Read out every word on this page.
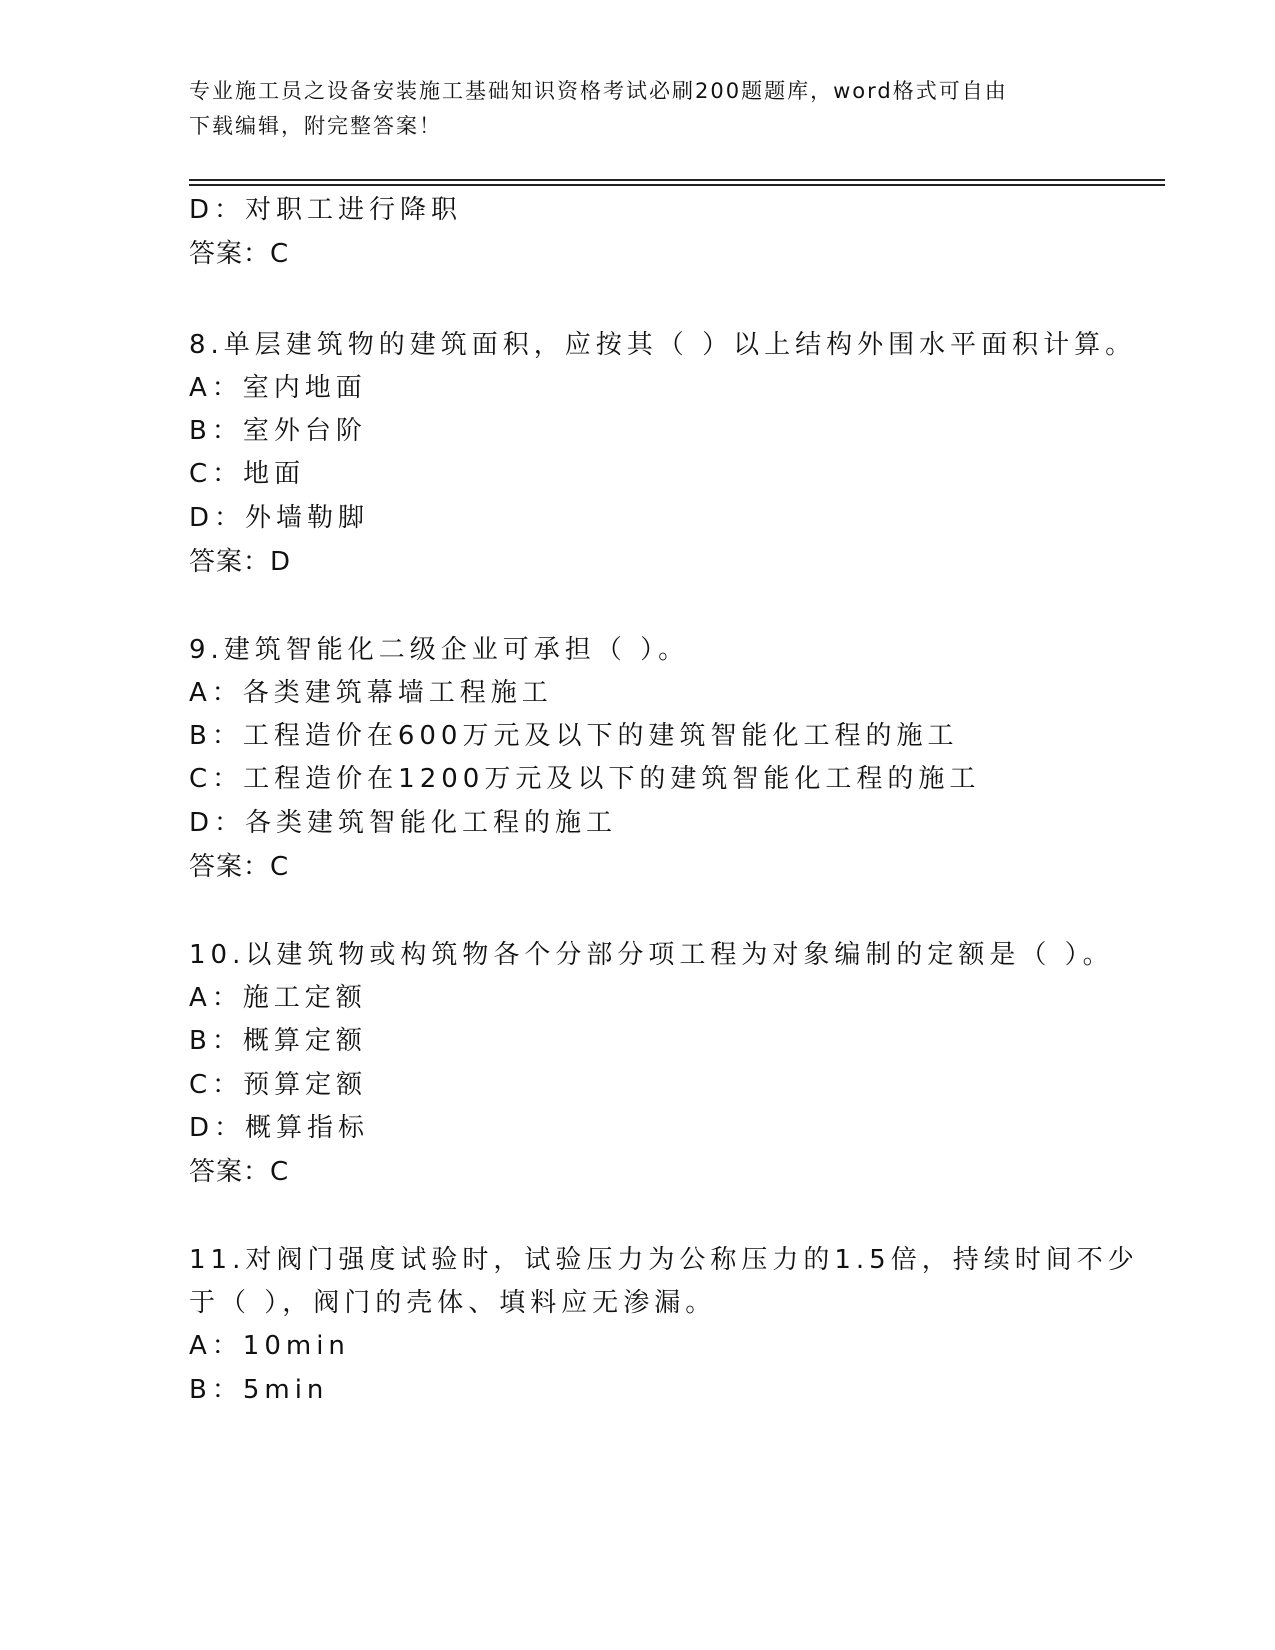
专业施工员之设备安装施工基础知识资格考试必刷200题题库，word格式可自由
下载编辑，附完整答案！
D：对职工进行降职
答案：C
8.单层建筑物的建筑面积，应按其（ ）以上结构外围水平面积计算。
A：室内地面
B：室外台阶
C：地面
D：外墙勒脚
答案：D
9.建筑智能化二级企业可承担（ ）。
A：各类建筑幕墙工程施工
B：工程造价在600万元及以下的建筑智能化工程的施工
C：工程造价在1200万元及以下的建筑智能化工程的施工
D：各类建筑智能化工程的施工
答案：C
10.以建筑物或构筑物各个分部分项工程为对象编制的定额是（ ）。
A：施工定额
B：概算定额
C：预算定额
D：概算指标
答案：C
11.对阀门强度试验时，试验压力为公称压力的1.5倍，持续时间不少
于（ ），阀门的壳体、填料应无渗漏。
A：10min
B：5min
